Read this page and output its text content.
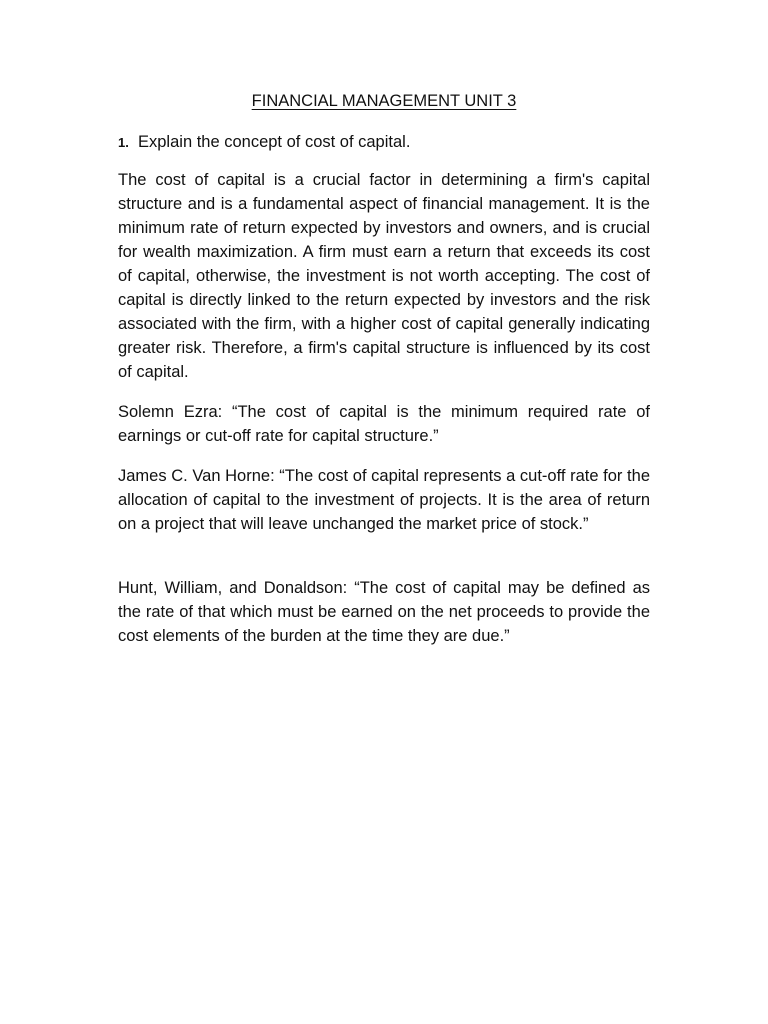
FINANCIAL MANAGEMENT UNIT 3
1. Explain the concept of cost of capital.

The cost of capital is a crucial factor in determining a firm's capital structure and is a fundamental aspect of financial management. It is the minimum rate of return expected by investors and owners, and is crucial for wealth maximization. A firm must earn a return that exceeds its cost of capital, otherwise, the investment is not worth accepting. The cost of capital is directly linked to the return expected by investors and the risk associated with the firm, with a higher cost of capital generally indicating greater risk. Therefore, a firm's capital structure is influenced by its cost of capital.

Solemn Ezra: “The cost of capital is the minimum required rate of earnings or cut-off rate for capital structure.”

James C. Van Horne: “The cost of capital represents a cut-off rate for the allocation of capital to the investment of projects. It is the area of return on a project that will leave unchanged the market price of stock.”

Hunt, William, and Donaldson: “The cost of capital may be defined as the rate of that which must be earned on the net proceeds to provide the cost elements of the burden at the time they are due.”
